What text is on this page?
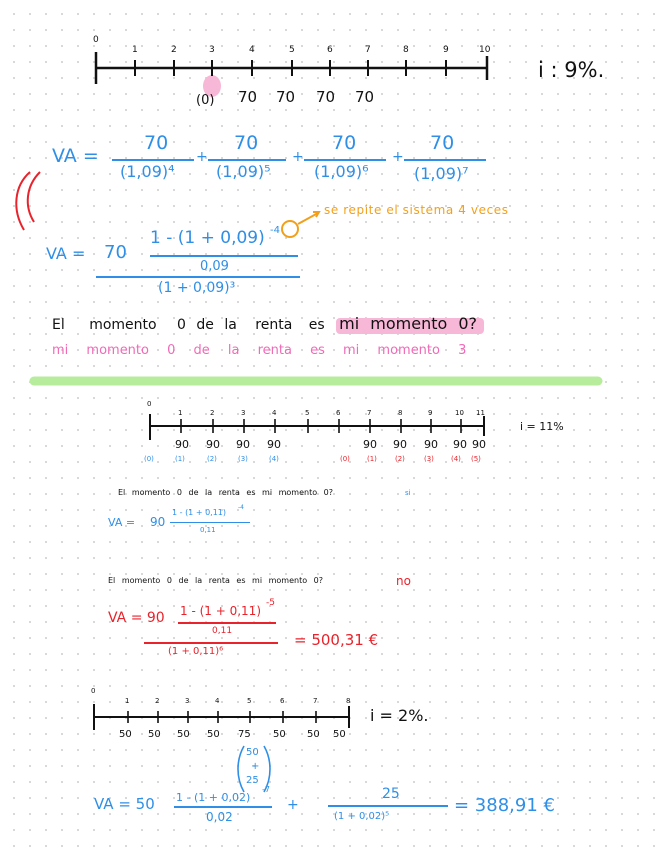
0
1	2	3	4	5	6	7	8	9	10
(0) 70 70 70 70
i : 9%.
VA =
70
(1,09)⁴
+
70
(1,09)⁵
+
70
(1,09)⁶
+
70
(1,09)⁷
se repite el sistema 4 veces
VA = 70
1 - (1 + 0,09) -4
0,09
(1 + 0,09)³
El momento 0 de la renta es mi momento 0?
mi momento 0 de la renta es mi momento 3
0
1	2	3	4	5	6	7	8	9	10 11
i = 11%
90 90 90 90	90 90 90 90 90
(0)	(1)	(2)	(3)	(4)	(0) (1)	(2)	(3) (4) (5)
El momento 0 de la renta es mi momento 0?	si
VA = 90
1 - (1 + 0,11)
-4
0,11
El momento 0 de la renta es mi momento 0?	no
VA = 90 1 - (1 + 0,11)
-5
0,11
(1 + 0,11)⁶
= 500,31 €
0
1	2	3	4	5	6	7	8
i = 2%.
50 50 50 50 75 50 50 50
50
+
25
VA = 50 1 - (1 + 0,02)
-7
0,02
+
25
(1 + 0,02)⁵
= 388,91 €
